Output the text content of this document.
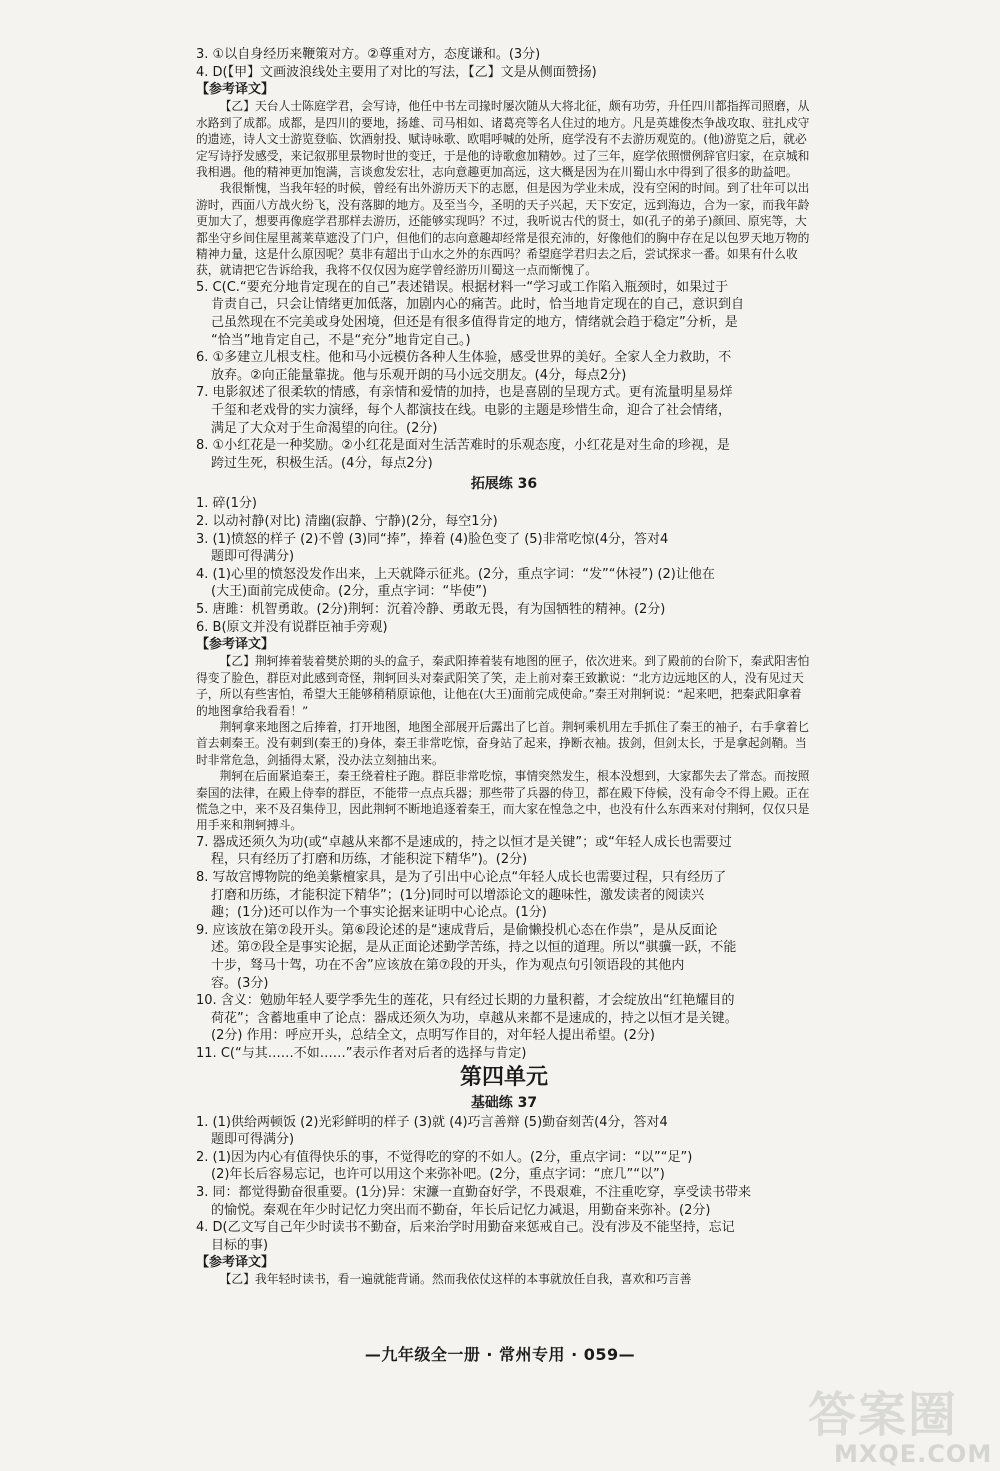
3. ①以自身经历来鞭策对方。②尊重对方，态度谦和。(3分)
4. D(【甲】文画波浪线处主要用了对比的写法，【乙】文是从侧面赞扬)
【参考译文】

【乙】天台人士陈庭学君，会写诗，他任中书左司掾时屡次随从大将北征，颇有功劳，升任四川都指挥司照磨，从水路到了成都。成都，是四川的要地，扬雄、司马相如、诸葛亮等名人住过的地方。凡是英雄俊杰争战攻取、驻扎戍守的遗迹，诗人文士游览登临、饮酒射投、赋诗咏歌、欧唱呼喊的处所，庭学没有不去游历观览的。(他)游览之后，就必定写诗抒发感受，来记叙那里景物时世的变迁，于是他的诗歌愈加精妙。过了三年，庭学依照惯例辞官归家，在京城和我相遇。他的精神更加饱满，言谈愈发宏壮，志向意趣更加高远，这大概是因为在川蜀山水中得到了很多的助益吧。

我很惭愧，当我年轻的时候，曾经有出外游历天下的志愿，但是因为学业未成，没有空闲的时间。到了壮年可以出游时，西面八方战火纷飞，没有落脚的地方。及至当今，圣明的天子兴起，天下安定，远到海边，合为一家，而我年龄更加大了，想要再像庭学君那样去游历，还能够实现吗？不过，我听说古代的贤士，如(孔子的弟子)颜回、原宪等，大都坐守乡间住屋里蒿莱草遮没了门户，但他们的志向意趣却经常是很充沛的，好像他们的胸中存在足以包罗天地万物的精神力量，这是什么原因呢？莫非有超出于山水之外的东西吗？希望庭学君归去之后，尝试探求一番。如果有什么收获，就请把它告诉给我，我将不仅仅因为庭学曾经游历川蜀这一点而惭愧了。

5. C(C.“要充分地肯定现在的自己”表述错误。根据材料一“学习或工作陷入瓶颈时，如果过于
肯责自己，只会让情绪更加低落，加剧内心的痛苦。此时，恰当地肯定现在的自己，意识到自
己虽然现在不完美或身处困境，但还是有很多值得肯定的地方，情绪就会趋于稳定”分析，是
“恰当”地肯定自己，不是“充分”地肯定自己。)
6. ①多建立儿根支柱。他和马小远模仿各种人生体验，感受世界的美好。全家人全力救助，不
放弃。②向正能量靠拢。他与乐观开朗的马小远交朋友。(4分，每点2分)
7. 电影叙述了很柔软的情感，有亲情和爱情的加持，也是喜剧的呈现方式。更有流量明星易烊
千玺和老戏骨的实力演绎，每个人都演技在线。电影的主题是珍惜生命，迎合了社会情绪，
满足了大众对于生命渴望的向往。(2分)
8. ①小红花是一种奖励。②小红花是面对生活苦难时的乐观态度，小红花是对生命的珍视，是
跨过生死，积极生活。(4分，每点2分)
拓展练 36
1. 碎(1分)
2. 以动衬静(对比) 清幽(寂静、宁静)(2分，每空1分)
3. (1)愤怒的样子 (2)不曾 (3)同“捧”，捧着 (4)脸色变了 (5)非常吃惊(4分，答对4
题即可得满分)
4. (1)心里的愤怒没发作出来，上天就降示征兆。(2分，重点字词：“发”“休祲”) (2)让他在
(大王)面前完成使命。(2分，重点字词：“毕使”)
5. 唐雎：机智勇敢。(2分)荆轲：沉着冷静、勇敢无畏，有为国牺牲的精神。(2分)
6. B(原文并没有说群臣袖手旁观)
【参考译文】

【乙】荆轲捧着装着樊於期的头的盒子，秦武阳捧着装有地图的匣子，依次进来。到了殿前的台阶下，秦武阳害怕得变了脸色，群臣对此感到奇怪，荆轲回头对秦武阳笑了笑，走上前对秦王致歉说：“北方边远地区的人，没有见过天子，所以有些害怕，希望大王能够稍稍原谅他，让他在(大王)面前完成使命。”秦王对荆轲说：“起来吧，把秦武阳拿着的地图拿给我看看！”

荆轲拿来地图之后捧着，打开地图，地图全部展开后露出了匕首。荆轲乘机用左手抓住了秦王的袖子，右手拿着匕首去刺秦王。没有刺到(秦王的)身体，秦王非常吃惊，奋身站了起来，挣断衣袖。拔剑，但剑太长，于是拿起剑鞘。当时非常危急，剑插得太紧，没办法立刻抽出来。

荆轲在后面紧追秦王，秦王绕着柱子跑。群臣非常吃惊，事情突然发生，根本没想到，大家都失去了常态。而按照秦国的法律，在殿上侍奉的群臣，不能带一点点兵器；那些带了兵器的侍卫，都在殿下侍候，没有命令不得上殿。正在慌急之中，来不及召集侍卫，因此荆轲不断地追逐着秦王，而大家在惶急之中，也没有什么东西来对付荆轲，仅仅只是用手来和荆轲搏斗。

7. 器成还须久为功(或“卓越从来都不是速成的，持之以恒才是关键”；或“年轻人成长也需要过
程，只有经历了打磨和历练，才能积淀下精华”)。(2分)
8. 写故宫博物院的绝美紫檀家具，是为了引出中心论点“年轻人成长也需要过程，只有经历了
打磨和历练，才能积淀下精华”；(1分)同时可以增添论文的趣味性，激发读者的阅读兴
趣；(1分)还可以作为一个事实论据来证明中心论点。(1分)
9. 应该放在第⑦段开头。第⑥段论述的是“速成背后，是偷懒投机心态在作祟”，是从反面论
述。第⑦段全是事实论据，是从正面论述勤学苦练，持之以恒的道理。所以“骐骥一跃，不能
十步，驽马十驾，功在不舍”应该放在第⑦段的开头，作为观点句引领语段的其他内
容。(3分)
10. 含义：勉励年轻人要学季先生的莲花，只有经过长期的力量积蓄，才会绽放出“红艳耀目的
荷花”；含蓄地重申了论点：器成还须久为功，卓越从来都不是速成的，持之以恒才是关键。
(2分) 作用：呼应开头，总结全文，点明写作目的，对年轻人提出希望。(2分)
11. C(“与其……不如……”表示作者对后者的选择与肯定)
第四单元
基础练 37
1. (1)供给两顿饭 (2)光彩鲜明的样子 (3)就 (4)巧言善辩 (5)勤奋刻苦(4分，答对4
题即可得满分)
2. (1)因为内心有值得快乐的事，不觉得吃的穿的不如人。(2分，重点字词：“以”“足”)
(2)年长后容易忘记，也许可以用这个来弥补吧。(2分，重点字词：“庶几”“以”)
3. 同：都觉得勤奋很重要。(1分)异：宋濂一直勤奋好学，不畏艰难，不注重吃穿，享受读书带来
的愉悦。秦观在年少时记忆力突出而不勤奋，年长后记忆力减退，用勤奋来弥补。(2分)
4. D(乙文写自己年少时读书不勤奋，后来治学时用勤奋来惩戒自己。没有涉及不能坚持，忘记
目标的事)
【参考译文】

【乙】我年轻时读书，看一遍就能背诵。然而我依仗这样的本事就放任自我，喜欢和巧言善

—九年级全一册 · 常州专用 · 059—
答案圈
MXQE.COM
